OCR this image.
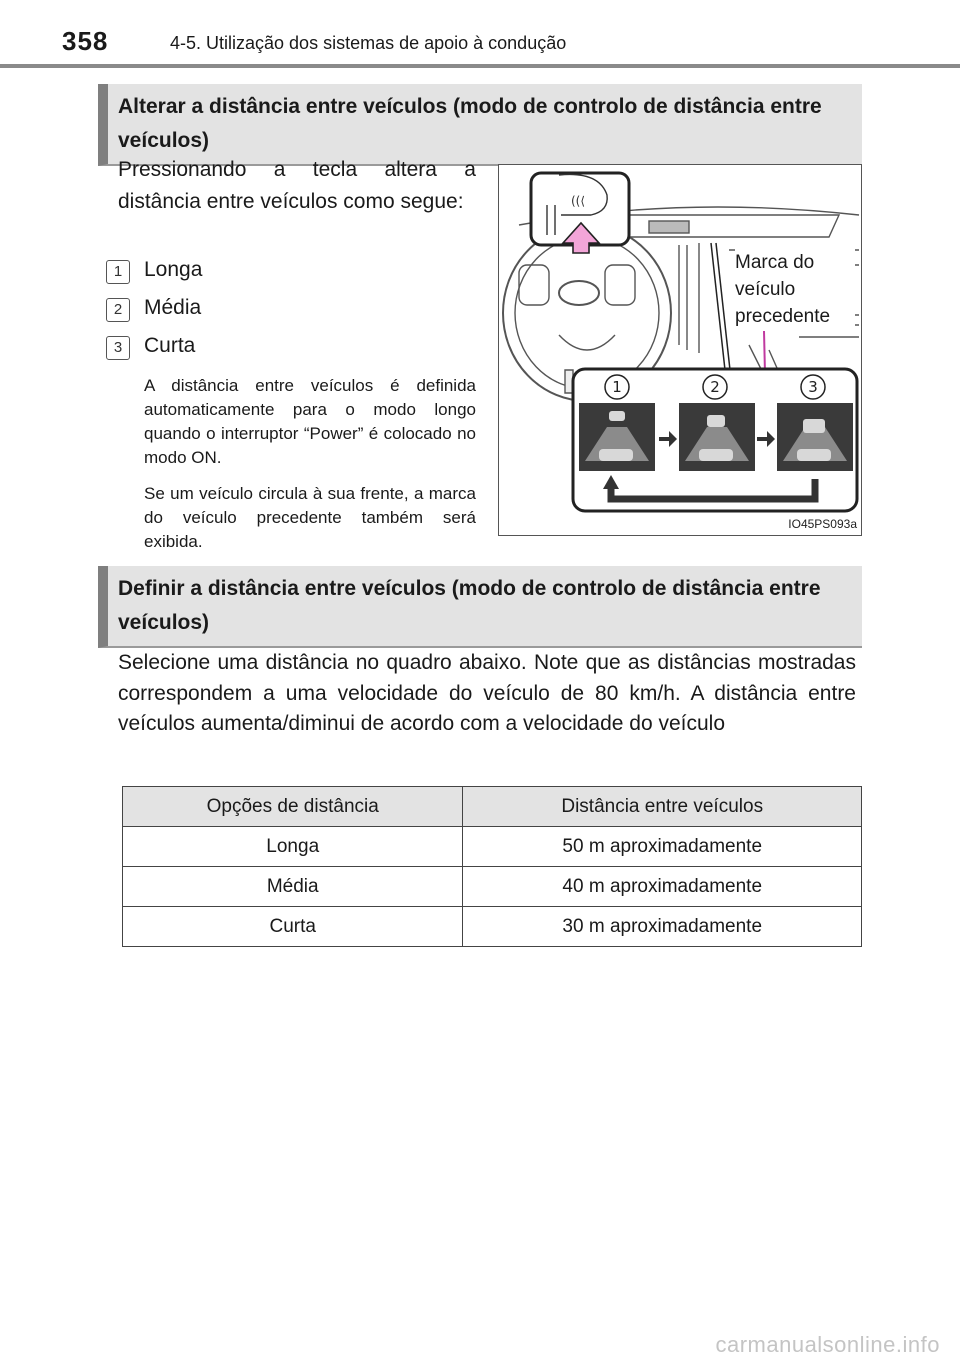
358	4-5. Utilização dos sistemas de apoio à condução
Alterar a distância entre veículos (modo de controlo de distância entre veículos)
Pressionando a tecla altera a distância entre veículos como segue:
1	Longa
2	Média
3	Curta
A distância entre veículos é definida automaticamente para o modo longo quando o interruptor “Power” é colocado no modo ON.
Se um veículo circula à sua frente, a marca do veículo precedente também será exibida.
((⟨
1	2	3
Marca do veículo precedente
IO45PS093a
Definir a distância entre veículos (modo de controlo de distância entre veículos)
Selecione uma distância no quadro abaixo. Note que as distâncias mostradas correspondem a uma velocidade do veículo de 80 km/h. A distância entre veículos aumenta/diminui de acordo com a velocidade do veículo
Opções de distância	Distância entre veículos
Longa	50 m aproximadamente
Média	40 m aproximadamente
Curta	30 m aproximadamente
carmanualsonline.info
